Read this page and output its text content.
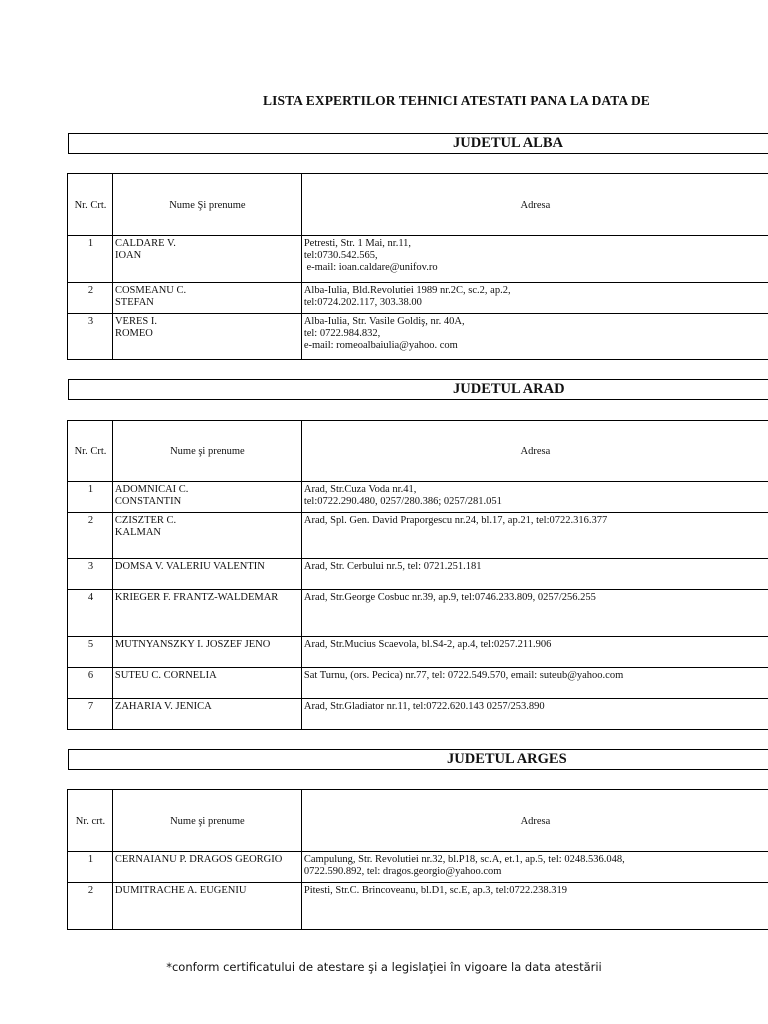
LISTA EXPERTILOR TEHNICI ATESTATI PANA LA DATA DE
JUDETUL ALBA
Nr. Crt.	Nume Şi prenume	Adresa
1	CALDARE V.
IOAN	Petresti, Str. 1 Mai, nr.11,
tel:0730.542.565,
e-mail: ioan.caldare@unifov.ro
2	COSMEANU C.
STEFAN	Alba-Iulia, Bld.Revolutiei 1989 nr.2C, sc.2, ap.2,
tel:0724.202.117, 303.38.00
3	VERES I.
ROMEO	Alba-Iulia, Str. Vasile Goldiş, nr. 40A,
tel: 0722.984.832,
e-mail: romeoalbaiulia@yahoo. com
JUDETUL ARAD
Nr. Crt.	Nume şi prenume	Adresa
1	ADOMNICAI C.
CONSTANTIN	Arad, Str.Cuza Voda nr.41,
tel:0722.290.480, 0257/280.386; 0257/281.051
2	CZISZTER C.
KALMAN	Arad, Spl. Gen. David Praporgescu nr.24, bl.17, ap.21, tel:0722.316.377
3	DOMSA V. VALERIU VALENTIN	Arad, Str. Cerbului nr.5, tel: 0721.251.181
4	KRIEGER F. FRANTZ-WALDEMAR	Arad, Str.George Cosbuc nr.39, ap.9, tel:0746.233.809, 0257/256.255
5	MUTNYANSZKY I. JOSZEF JENO	Arad, Str.Mucius Scaevola, bl.S4-2, ap.4, tel:0257.211.906
6	SUTEU C. CORNELIA	Sat Turnu, (ors. Pecica) nr.77, tel: 0722.549.570, email: suteub@yahoo.com
7	ZAHARIA V. JENICA	Arad, Str.Gladiator nr.11, tel:0722.620.143 0257/253.890
JUDETUL ARGES
Nr. crt.	Nume şi prenume	Adresa
1	CERNAIANU P. DRAGOS GEORGIO	Campulung, Str. Revolutiei nr.32, bl.P18, sc.A, et.1, ap.5, tel: 0248.536.048,
0722.590.892, tel: dragos.georgio@yahoo.com
2	DUMITRACHE A. EUGENIU	Pitesti, Str.C. Brincoveanu, bl.D1, sc.E, ap.3, tel:0722.238.319
*conform certificatului de atestare şi a legislaţiei în vigoare la data atestării
